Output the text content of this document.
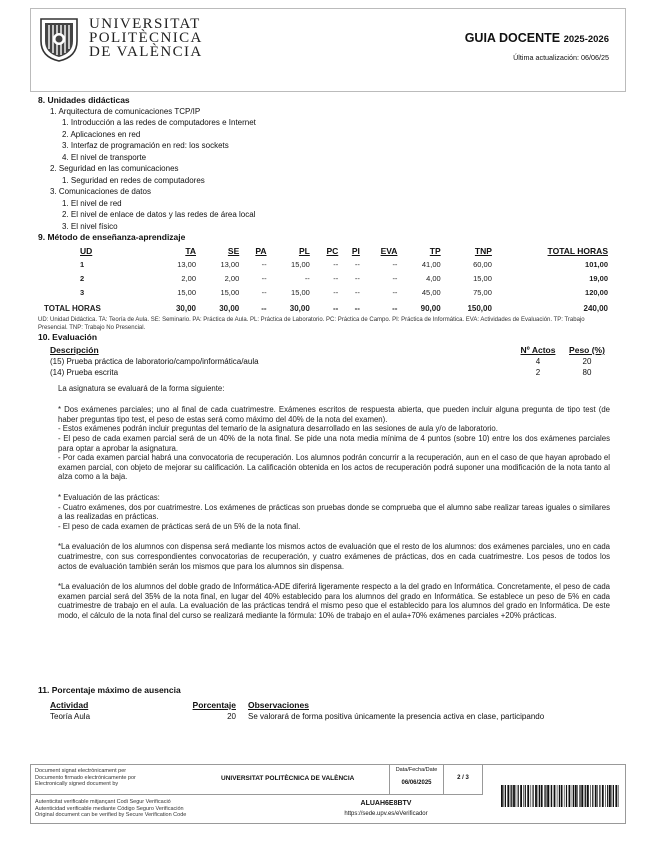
UNIVERSITAT
POLITÈCNICA
DE VALÈNCIA
GUIA DOCENTE 2025-2026
Última actualización: 06/06/25
8. Unidades didácticas
1. Arquitectura de comunicaciones TCP/IP
1. Introducción a las redes de computadores e Internet
2. Aplicaciones en red
3. Interfaz de programación en red: los sockets
4. El nivel de transporte
2. Seguridad en las comunicaciones
1. Seguridad en redes de computadores
3. Comunicaciones de datos
1. El nivel de red
2. El nivel de enlace de datos y las redes de área local
3. El nivel físico
9. Método de enseñanza-aprendizaje
UD	TA	SE	PA	PL	PC	PI	EVA	TP	TNP	TOTAL HORAS
1	13,00	13,00	--	15,00	--	--	--	41,00	60,00	101,00
2	2,00	2,00	--	--	--	--	--	4,00	15,00	19,00
3	15,00	15,00	--	15,00	--	--	--	45,00	75,00	120,00
TOTAL HORAS	30,00	30,00	--	30,00	--	--	--	90,00	150,00	240,00
UD: Unidad Didáctica. TA: Teoría de Aula. SE: Seminario. PA: Práctica de Aula. PL: Práctica de Laboratorio. PC: Práctica de Campo. PI: Práctica de Informática. EVA: Actividades de Evaluación. TP: Trabajo Presencial. TNP: Trabajo No Presencial.
10. Evaluación
Descripción	Nº Actos	Peso (%)
(15) Prueba práctica de laboratorio/campo/informática/aula	4	20
(14) Prueba escrita	2	80

La asignatura se evaluará de la forma siguiente:

* Dos exámenes parciales; uno al final de cada cuatrimestre. Exámenes escritos de respuesta abierta, que pueden incluir alguna pregunta de tipo test (de haber preguntas tipo test, el peso de estas será como máximo del 40% de la nota del examen).
- Estos exámenes podrán incluir preguntas del temario de la asignatura desarrollado en las sesiones de aula y/o de laboratorio.
- El peso de cada examen parcial será de un 40% de la nota final. Se pide una nota media mínima de 4 puntos (sobre 10) entre los dos exámenes parciales para optar a aprobar la asignatura.
- Por cada examen parcial habrá una convocatoria de recuperación. Los alumnos podrán concurrir a la recuperación, aun en el caso de que hayan aprobado el examen parcial, con objeto de mejorar su calificación. La calificación obtenida en los actos de recuperación podrá suponer una modificación de la nota tanto al alza como a la baja.

* Evaluación de las prácticas:
- Cuatro exámenes, dos por cuatrimestre. Los exámenes de prácticas son pruebas donde se comprueba que el alumno sabe realizar tareas iguales o similares a las realizadas en prácticas.
- El peso de cada examen de prácticas será de un 5% de la nota final.

*La evaluación de los alumnos con dispensa será mediante los mismos actos de evaluación que el resto de los alumnos: dos exámenes parciales, uno en cada cuatrimestre, con sus correspondientes convocatorias de recuperación, y cuatro exámenes de prácticas, dos en cada cuatrimestre. Los pesos de todos los actos de evaluación también serán los mismos que para los alumnos sin dispensa.

*La evaluación de los alumnos del doble grado de Informática-ADE diferirá ligeramente respecto a la del grado en Informática. Concretamente, el peso de cada examen parcial será del 35% de la nota final, en lugar del 40% establecido para los alumnos del grado en Informática. Se establece un peso de 5% en cada cuatrimestre de trabajo en el aula. La evaluación de las prácticas tendrá el mismo peso que el establecido para los alumnos del grado en Informática. De este modo, el cálculo de la nota final del curso se realizará mediante la fórmula: 10% de trabajo en el aula+70% exámenes parciales +20% prácticas.

11. Porcentaje máximo de ausencia
Actividad	Porcentaje	Observaciones
Teoría Aula	20	Se valorará de forma positiva únicamente la presencia activa en clase, participando
Document signat electrònicament per
Documento firmado electrónicamente por
Electronically signed document by
UNIVERSITAT POLITÈCNICA DE VALÈNCIA
Data/Fecha/Date
06/06/2025
2 / 3
Autenticitat verificable mitjançant Codi Segur Verificació
Autenticidad verificable mediante Código Seguro Verificación
Original document can be verified by Secure Verification Code
ALUAH6E8BTV
https://sede.upv.es/eVerificador
